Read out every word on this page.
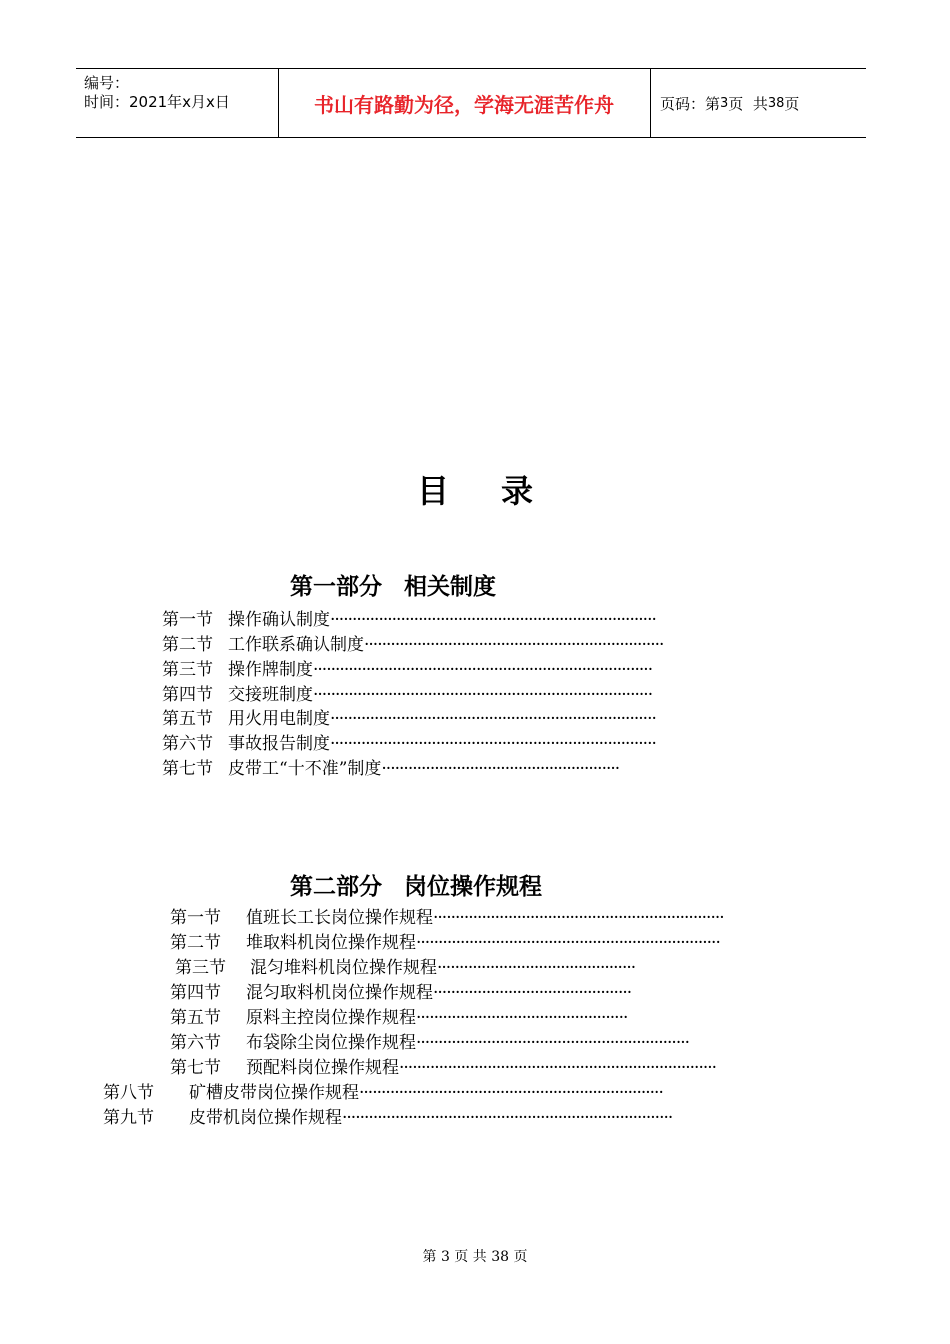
编号：
时间：2021年x月x日	书山有路勤为径，学海无涯苦作舟	页码：第 3 页  共 38 页
目 录
第一部分 相关制度
第一节 操作确认制度 ··········································································
第二节 工作联系确认制度 ····································································
第三节 操作牌制度 ·············································································
第四节 交接班制度 ·············································································
第五节 用火用电制度 ··········································································
第六节 事故报告制度 ··········································································
第七节 皮带工“十不准”制度 ······················································
第二部分 岗位操作规程
第一节 值班长工长岗位操作规程 ··································································
第二节 堆取料机岗位操作规程 ·····································································
第三节 混匀堆料机岗位操作规程 ·············································
第四节 混匀取料机岗位操作规程 ·············································
第五节 原料主控岗位操作规程 ················································
第六节 布袋除尘岗位操作规程 ······························································
第七节 预配料岗位操作规程 ········································································
第八节 矿槽皮带岗位操作规程 ·····································································
第九节 皮带机岗位操作规程 ···········································································
第 3 页 共 38 页
